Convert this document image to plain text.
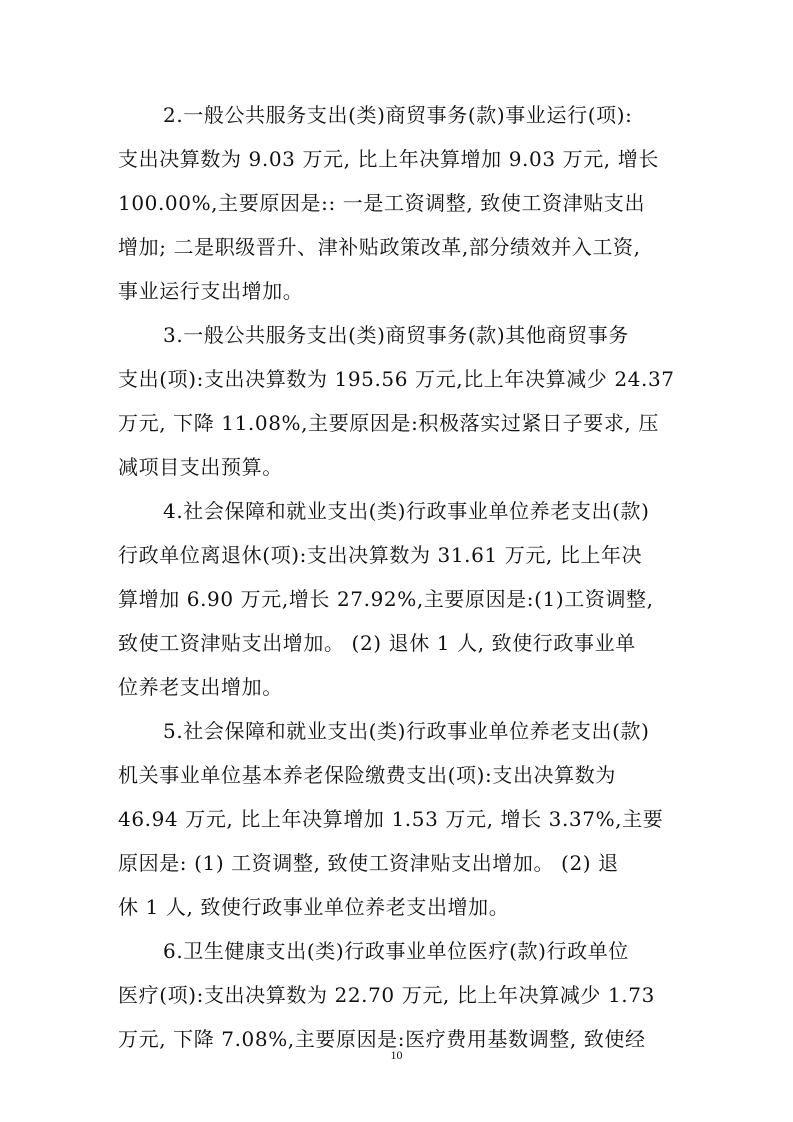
2.一般公共服务支出(类)商贸事务(款)事业运行(项):
支出决算数为 9.03 万元, 比上年决算增加 9.03 万元, 增长
100.00%,主要原因是:: 一是工资调整, 致使工资津贴支出
增加; 二是职级晋升、津补贴政策改革,部分绩效并入工资,
事业运行支出增加。
3.一般公共服务支出(类)商贸事务(款)其他商贸事务
支出(项):支出决算数为 195.56 万元,比上年决算减少 24.37
万元, 下降 11.08%,主要原因是:积极落实过紧日子要求, 压
减项目支出预算。
4.社会保障和就业支出(类)行政事业单位养老支出(款)
行政单位离退休(项):支出决算数为 31.61 万元, 比上年决
算增加 6.90 万元,增长 27.92%,主要原因是:(1)工资调整,
致使工资津贴支出增加。 (2) 退休 1 人, 致使行政事业单
位养老支出增加。
5.社会保障和就业支出(类)行政事业单位养老支出(款)
机关事业单位基本养老保险缴费支出(项):支出决算数为
46.94 万元, 比上年决算增加 1.53 万元, 增长 3.37%,主要
原因是: (1) 工资调整, 致使工资津贴支出增加。 (2) 退
休 1 人, 致使行政事业单位养老支出增加。
6.卫生健康支出(类)行政事业单位医疗(款)行政单位
医疗(项):支出决算数为 22.70 万元, 比上年决算减少 1.73
万元, 下降 7.08%,主要原因是:医疗费用基数调整, 致使经
10
